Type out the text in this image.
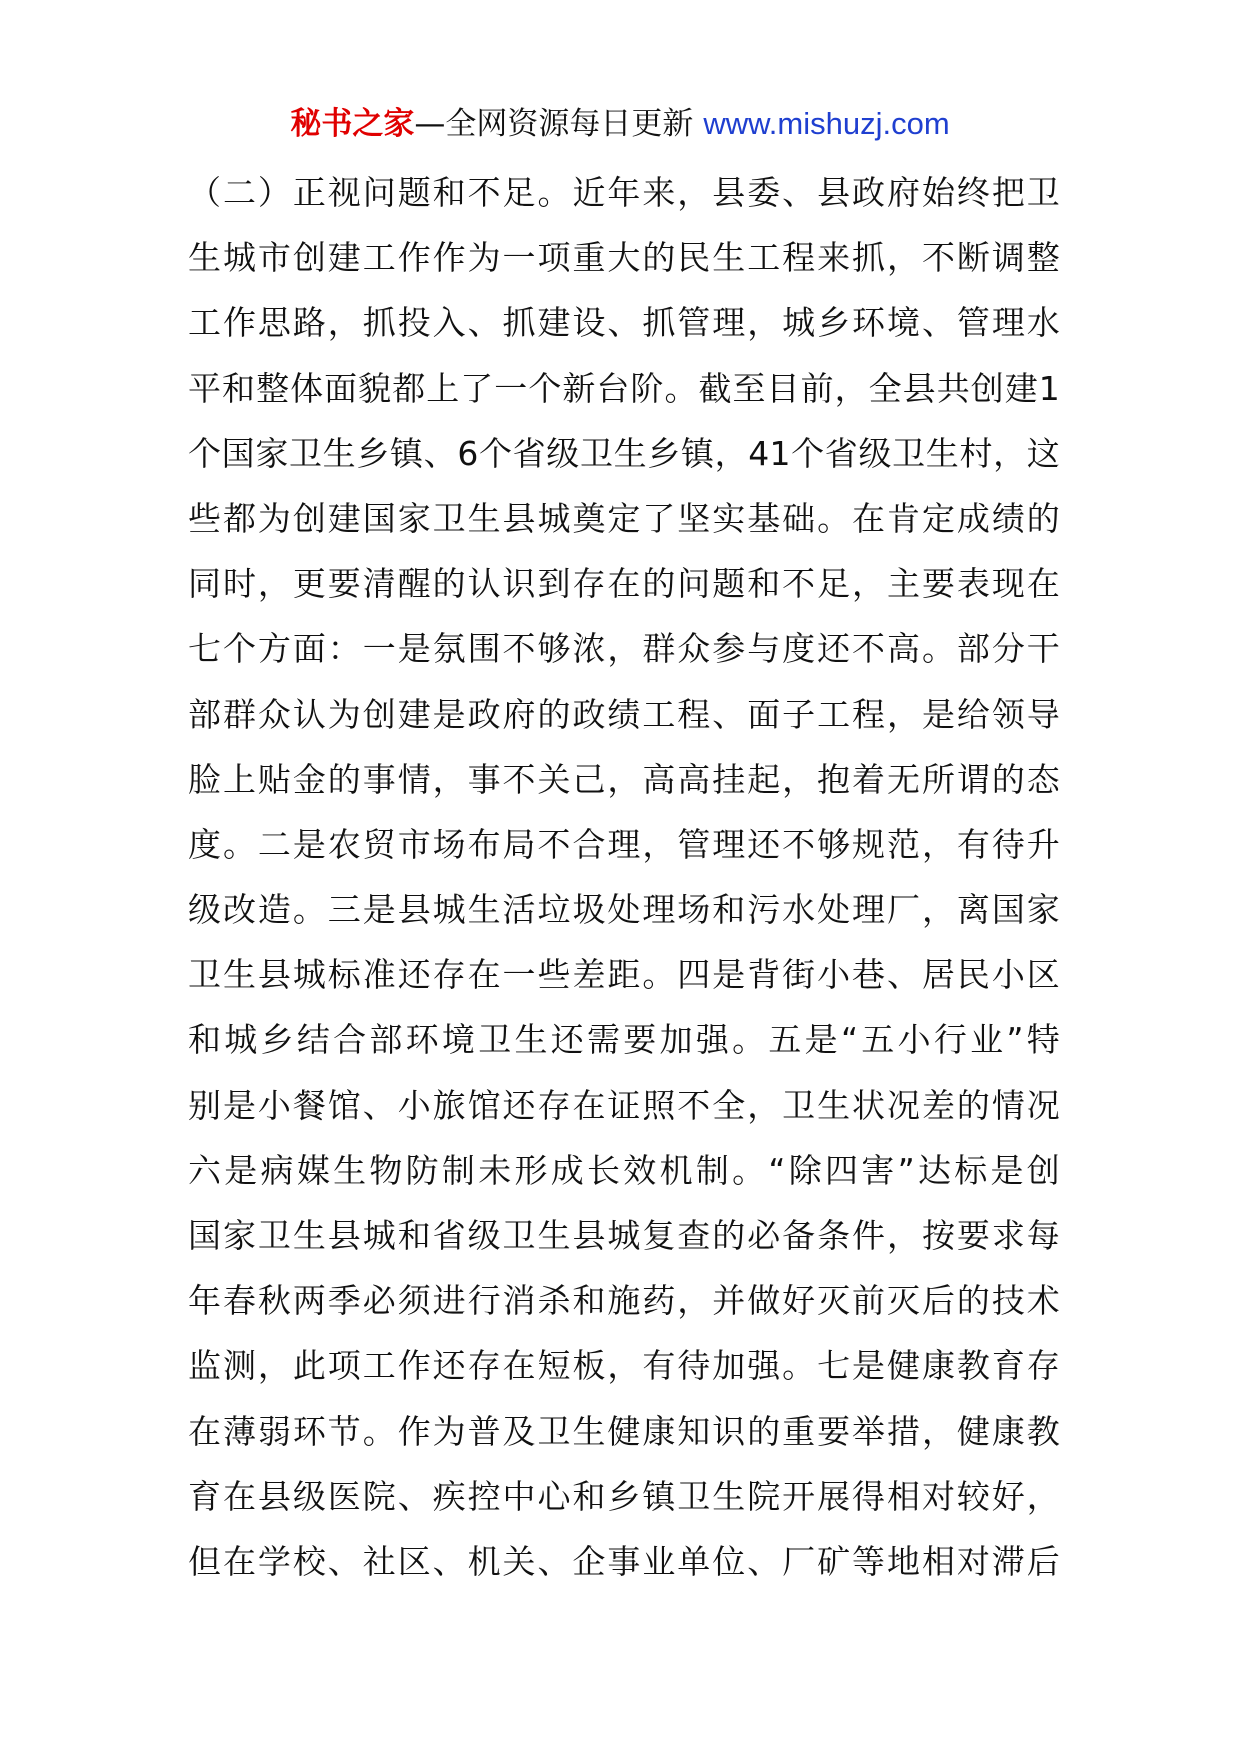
秘书之家—全网资源每日更新 www.mishuzj.com
（二）正视问题和不足。近年来，县委、县政府始终把卫
生城市创建工作作为一项重大的民生工程来抓，不断调整
工作思路，抓投入、抓建设、抓管理，城乡环境、管理水
平和整体面貌都上了一个新台阶。截至目前，全县共创建1
个国家卫生乡镇、6个省级卫生乡镇，41个省级卫生村，这
些都为创建国家卫生县城奠定了坚实基础。在肯定成绩的
同时，更要清醒的认识到存在的问题和不足，主要表现在
七个方面：一是氛围不够浓，群众参与度还不高。部分干
部群众认为创建是政府的政绩工程、面子工程，是给领导
脸上贴金的事情，事不关己，高高挂起，抱着无所谓的态
度。二是农贸市场布局不合理，管理还不够规范，有待升
级改造。三是县城生活垃圾处理场和污水处理厂，离国家
卫生县城标准还存在一些差距。四是背街小巷、居民小区
和城乡结合部环境卫生还需要加强。五是“五小行业”特
别是小餐馆、小旅馆还存在证照不全，卫生状况差的情况
六是病媒生物防制未形成长效机制。“除四害”达标是创
国家卫生县城和省级卫生县城复查的必备条件，按要求每
年春秋两季必须进行消杀和施药，并做好灭前灭后的技术
监测，此项工作还存在短板，有待加强。七是健康教育存
在薄弱环节。作为普及卫生健康知识的重要举措，健康教
育在县级医院、疾控中心和乡镇卫生院开展得相对较好，
但在学校、社区、机关、企事业单位、厂矿等地相对滞后
